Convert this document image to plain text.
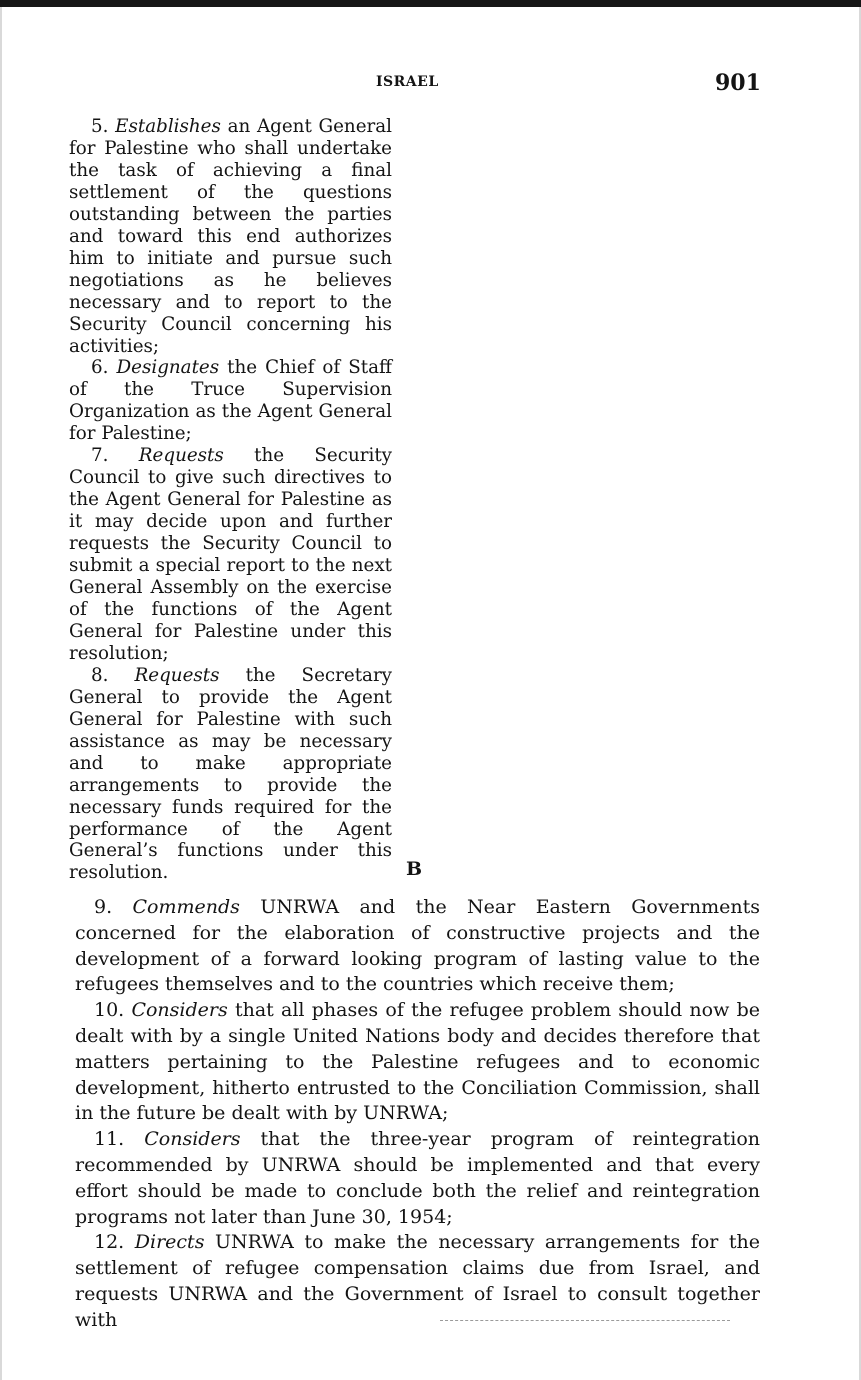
ISRAEL	901

5. Establishes an Agent General for Palestine who shall undertake the task of achieving a final settlement of the questions outstanding between the parties and toward this end authorizes him to initiate and pursue such negotiations as he believes necessary and to report to the Security Council concerning his activities;

6. Designates the Chief of Staff of the Truce Supervision Organization as the Agent General for Palestine;

7. Requests the Security Council to give such directives to the Agent General for Palestine as it may decide upon and further requests the Security Council to submit a special report to the next General Assembly on the exercise of the functions of the Agent General for Palestine under this resolution;

8. Requests the Secretary General to provide the Agent General for Palestine with such assistance as may be necessary and to make appropriate arrangements to provide the necessary funds required for the performance of the Agent General’s functions under this resolution.	B

9. Commends UNRWA and the Near Eastern Governments concerned for the elaboration of constructive projects and the development of a forward looking program of lasting value to the refugees themselves and to the countries which receive them;

10. Considers that all phases of the refugee problem should now be dealt with by a single United Nations body and decides therefore that matters pertaining to the Palestine refugees and to economic development, hitherto entrusted to the Conciliation Commission, shall in the future be dealt with by UNRWA;

11. Considers that the three-year program of reintegration recommended by UNRWA should be implemented and that every effort should be made to conclude both the relief and reintegration programs not later than June 30, 1954;

12. Directs UNRWA to make the necessary arrangements for the settlement of refugee compensation claims due from Israel, and requests UNRWA and the Government of Israel to consult together with
